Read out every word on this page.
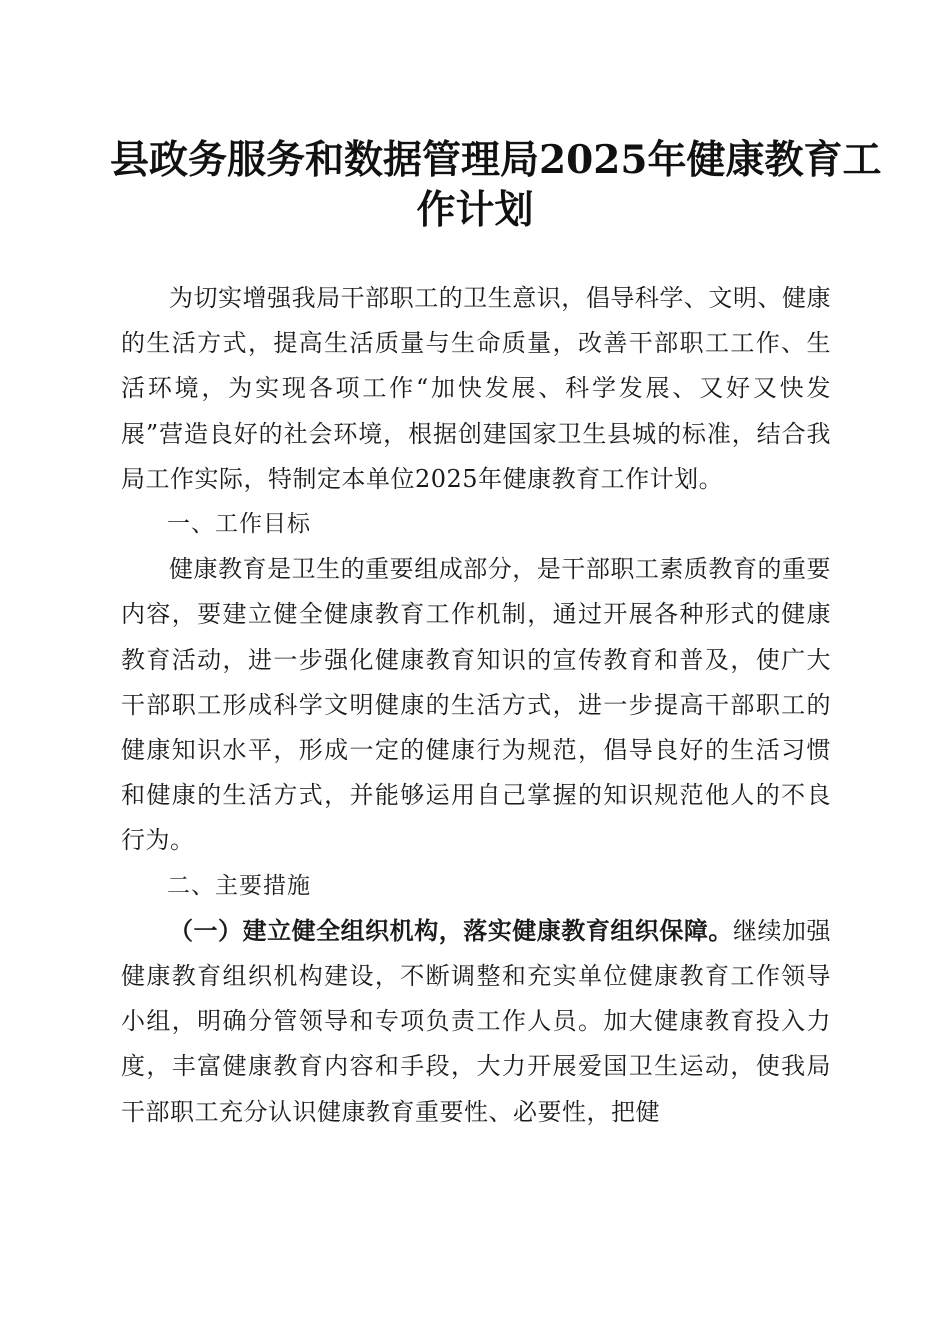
县政务服务和数据管理局2025年健康教育工
作计划

为切实增强我局干部职工的卫生意识，倡导科学、文明、健康的生活方式，提高生活质量与生命质量，改善干部职工工作、生活环境，为实现各项工作“加快发展、科学发展、又好又快发展”营造良好的社会环境，根据创建国家卫生县城的标准，结合我局工作实际，特制定本单位2025年健康教育工作计划。

一、工作目标

健康教育是卫生的重要组成部分，是干部职工素质教育的重要内容，要建立健全健康教育工作机制，通过开展各种形式的健康教育活动，进一步强化健康教育知识的宣传教育和普及，使广大干部职工形成科学文明健康的生活方式，进一步提高干部职工的健康知识水平，形成一定的健康行为规范，倡导良好的生活习惯和健康的生活方式，并能够运用自己掌握的知识规范他人的不良行为。

二、主要措施

（一）建立健全组织机构，落实健康教育组织保障。继续加强健康教育组织机构建设，不断调整和充实单位健康教育工作领导小组，明确分管领导和专项负责工作人员。加大健康教育投入力度，丰富健康教育内容和手段，大力开展爱国卫生运动，使我局干部职工充分认识健康教育重要性、必要性，把健
